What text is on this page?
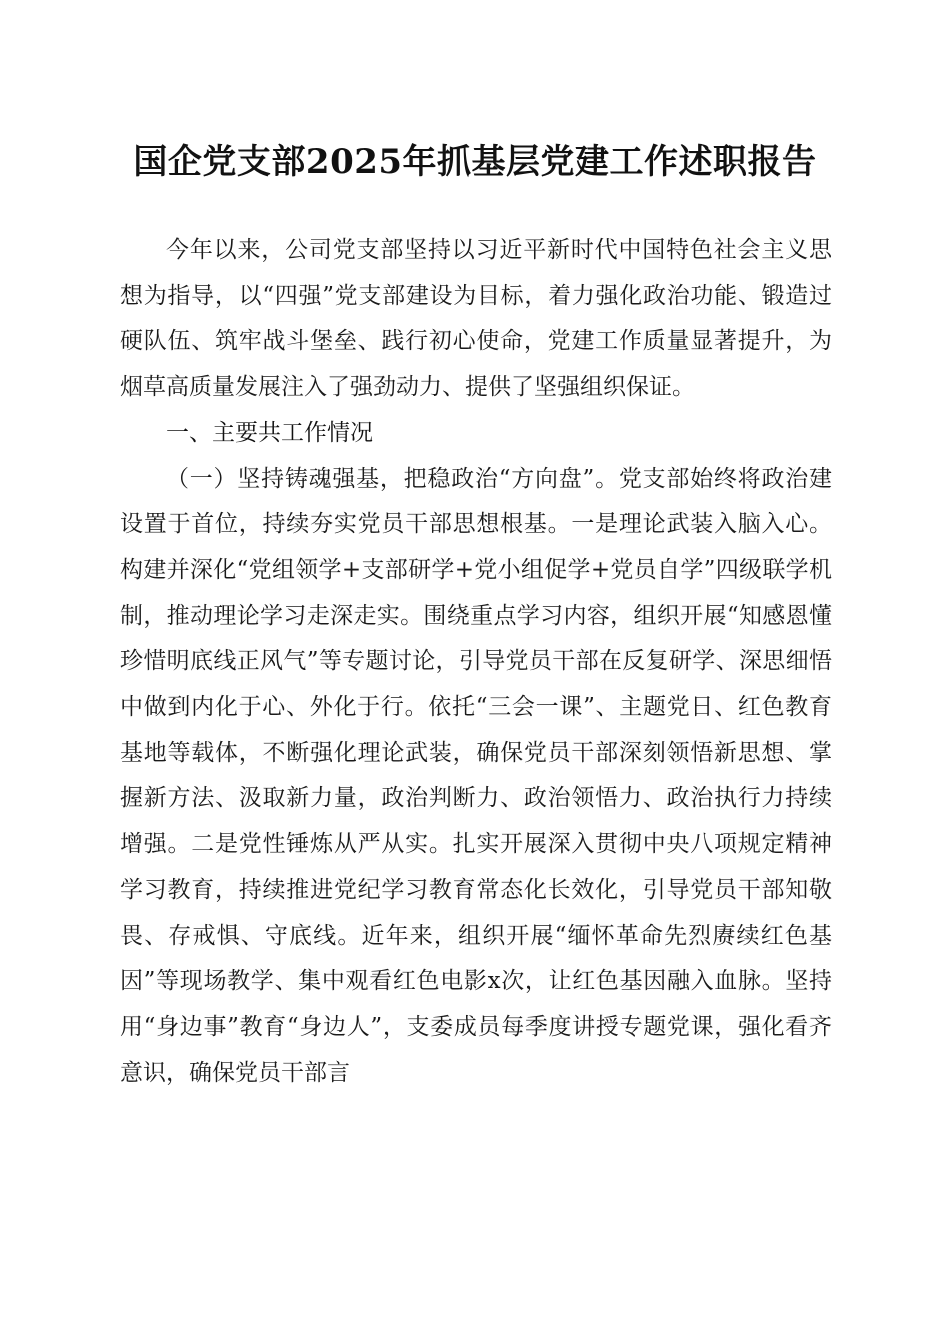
国企党支部2025年抓基层党建工作述职报告

今年以来，公司党支部坚持以习近平新时代中国特色社会主义思想为指导，以“四强”党支部建设为目标，着力强化政治功能、锻造过硬队伍、筑牢战斗堡垒、践行初心使命，党建工作质量显著提升，为烟草高质量发展注入了强劲动力、提供了坚强组织保证。

一、主要共工作情况

（一）坚持铸魂强基，把稳政治“方向盘”。党支部始终将政治建设置于首位，持续夯实党员干部思想根基。一是理论武装入脑入心。构建并深化“党组领学+支部研学+党小组促学+党员自学”四级联学机制，推动理论学习走深走实。围绕重点学习内容，组织开展“知感恩懂珍惜明底线正风气”等专题讨论，引导党员干部在反复研学、深思细悟中做到内化于心、外化于行。依托“三会一课”、主题党日、红色教育基地等载体，不断强化理论武装，确保党员干部深刻领悟新思想、掌握新方法、汲取新力量，政治判断力、政治领悟力、政治执行力持续增强。二是党性锤炼从严从实。扎实开展深入贯彻中央八项规定精神学习教育，持续推进党纪学习教育常态化长效化，引导党员干部知敬畏、存戒惧、守底线。近年来，组织开展“缅怀革命先烈赓续红色基因”等现场教学、集中观看红色电影x次，让红色基因融入血脉。坚持用“身边事”教育“身边人”，支委成员每季度讲授专题党课，强化看齐意识，确保党员干部言
